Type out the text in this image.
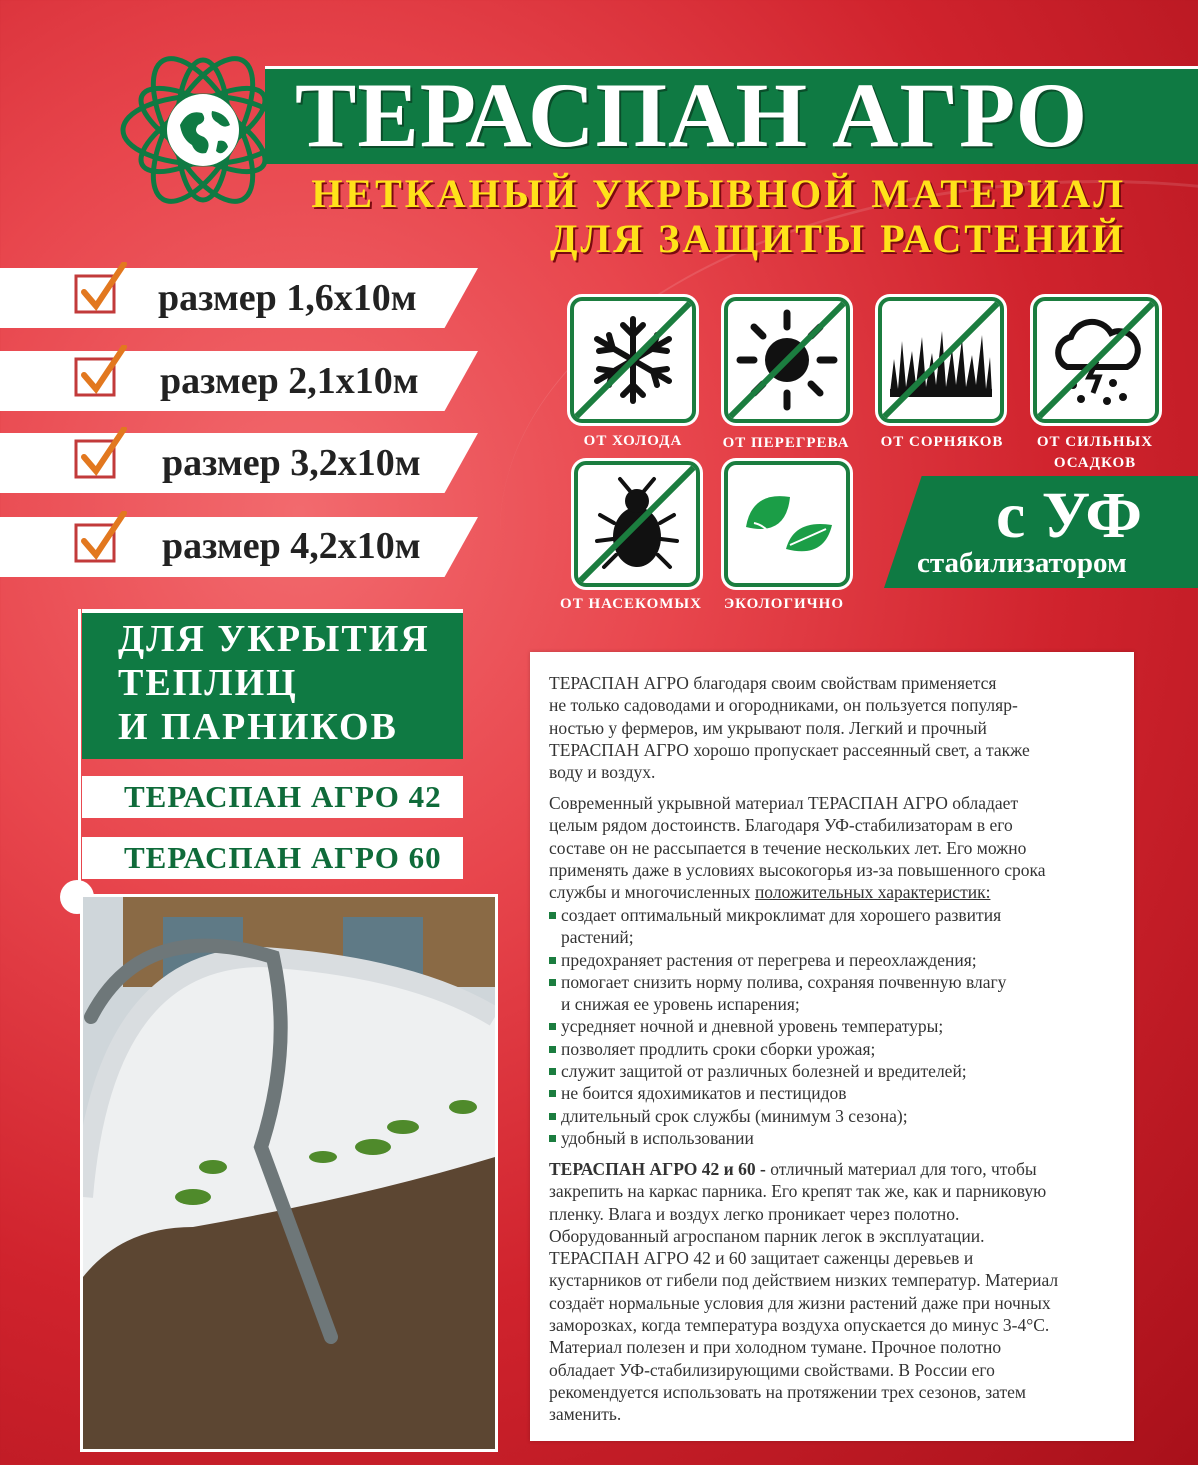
ТЕРАСПАН АГРО
НЕТКАНЫЙ УКРЫВНОЙ МАТЕРИАЛ
ДЛЯ ЗАЩИТЫ РАСТЕНИЙ
размер 1,6х10м
размер 2,1х10м
размер 3,2х10м
размер 4,2х10м
ОТ ХОЛОДА	ОТ ПЕРЕГРЕВА	ОТ СОРНЯКОВ	ОТ СИЛЬНЫХ
ОСАДКОВ
ОТ НАСЕКОМЫХ	ЭКОЛОГИЧНО
с УФ
стабилизатором
ДЛЯ УКРЫТИЯ
ТЕПЛИЦ
И ПАРНИКОВ
ТЕРАСПАН АГРО 42
ТЕРАСПАН АГРО 60
ТЕРАСПАН АГРО благодаря своим свойствам применяется
не только садоводами и огородниками, он пользуется популяр-
ностью у фермеров, им укрывают поля. Легкий и прочный
ТЕРАСПАН АГРО хорошо пропускает рассеянный свет, а также
воду и воздух.
Современный укрывной материал ТЕРАСПАН АГРО обладает
целым рядом достоинств. Благодаря УФ-стабилизаторам в его
составе он не рассыпается в течение нескольких лет. Его можно
применять даже в условиях высокогорья из-за повышенного срока
службы и многочисленных положительных характеристик:
создает оптимальный микроклимат для хорошего развития
растений;
предохраняет растения от перегрева и переохлаждения;
помогает снизить норму полива, сохраняя почвенную влагу
и снижая ее уровень испарения;
усредняет ночной и дневной уровень температуры;
позволяет продлить сроки сборки урожая;
служит защитой от различных болезней и вредителей;
не боится ядохимикатов и пестицидов
длительный срок службы (минимум 3 сезона);
удобный в использовании
ТЕРАСПАН АГРО 42 и 60 - отличный материал для того, чтобы
закрепить на каркас парника. Его крепят так же, как и парниковую
пленку. Влага и воздух легко проникает через полотно.
Оборудованный агроспаном парник легок в эксплуатации.
ТЕРАСПАН АГРО 42 и 60 защитает саженцы деревьев и
кустарников от гибели под действием низких температур. Материал
создаёт нормальные условия для жизни растений даже при ночных
заморозках, когда температура воздуха опускается до минус 3-4°С.
Материал полезен и при холодном тумане. Прочное полотно
обладает УФ-стабилизирующими свойствами. В России его
рекомендуется использовать на протяжении трех сезонов, затем
заменить.
